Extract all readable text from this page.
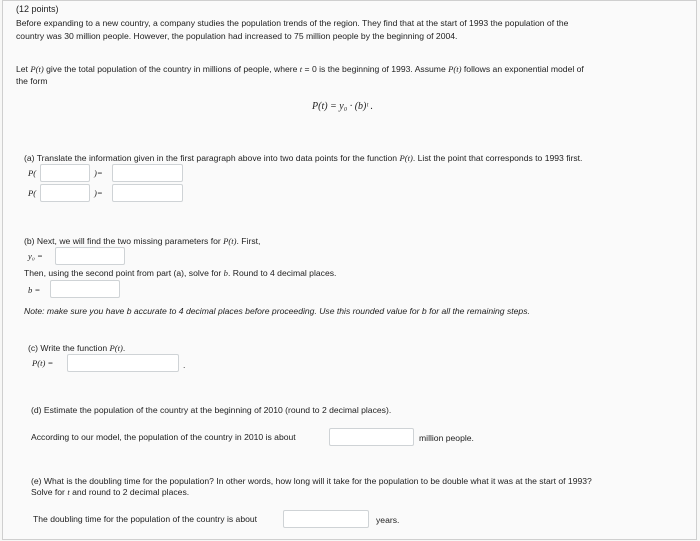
(12 points)
Before expanding to a new country, a company studies the population trends of the region. They find that at the start of 1993 the population of the
country was 30 million people. However, the population had increased to 75 million people by the beginning of 2004.
Let P(t) give the total population of the country in millions of people, where t = 0 is the beginning of 1993. Assume P(t) follows an exponential model of
the form
P(t) = y₀ · (b)ᵗ .
(a) Translate the information given in the first paragraph above into two data points for the function P(t). List the point that corresponds to 1993 first.
P(	)=
P(	)=
(b) Next, we will find the two missing parameters for P(t). First,
y₀ =
Then, using the second point from part (a), solve for b. Round to 4 decimal places.
b =
Note: make sure you have b accurate to 4 decimal places before proceeding. Use this rounded value for b for all the remaining steps.
(c) Write the function P(t).
P(t) =	.
(d) Estimate the population of the country at the beginning of 2010 (round to 2 decimal places).
According to our model, the population of the country in 2010 is about	million people.
(e) What is the doubling time for the population? In other words, how long will it take for the population to be double what it was at the start of 1993?
Solve for t and round to 2 decimal places.
The doubling time for the population of the country is about	years.
